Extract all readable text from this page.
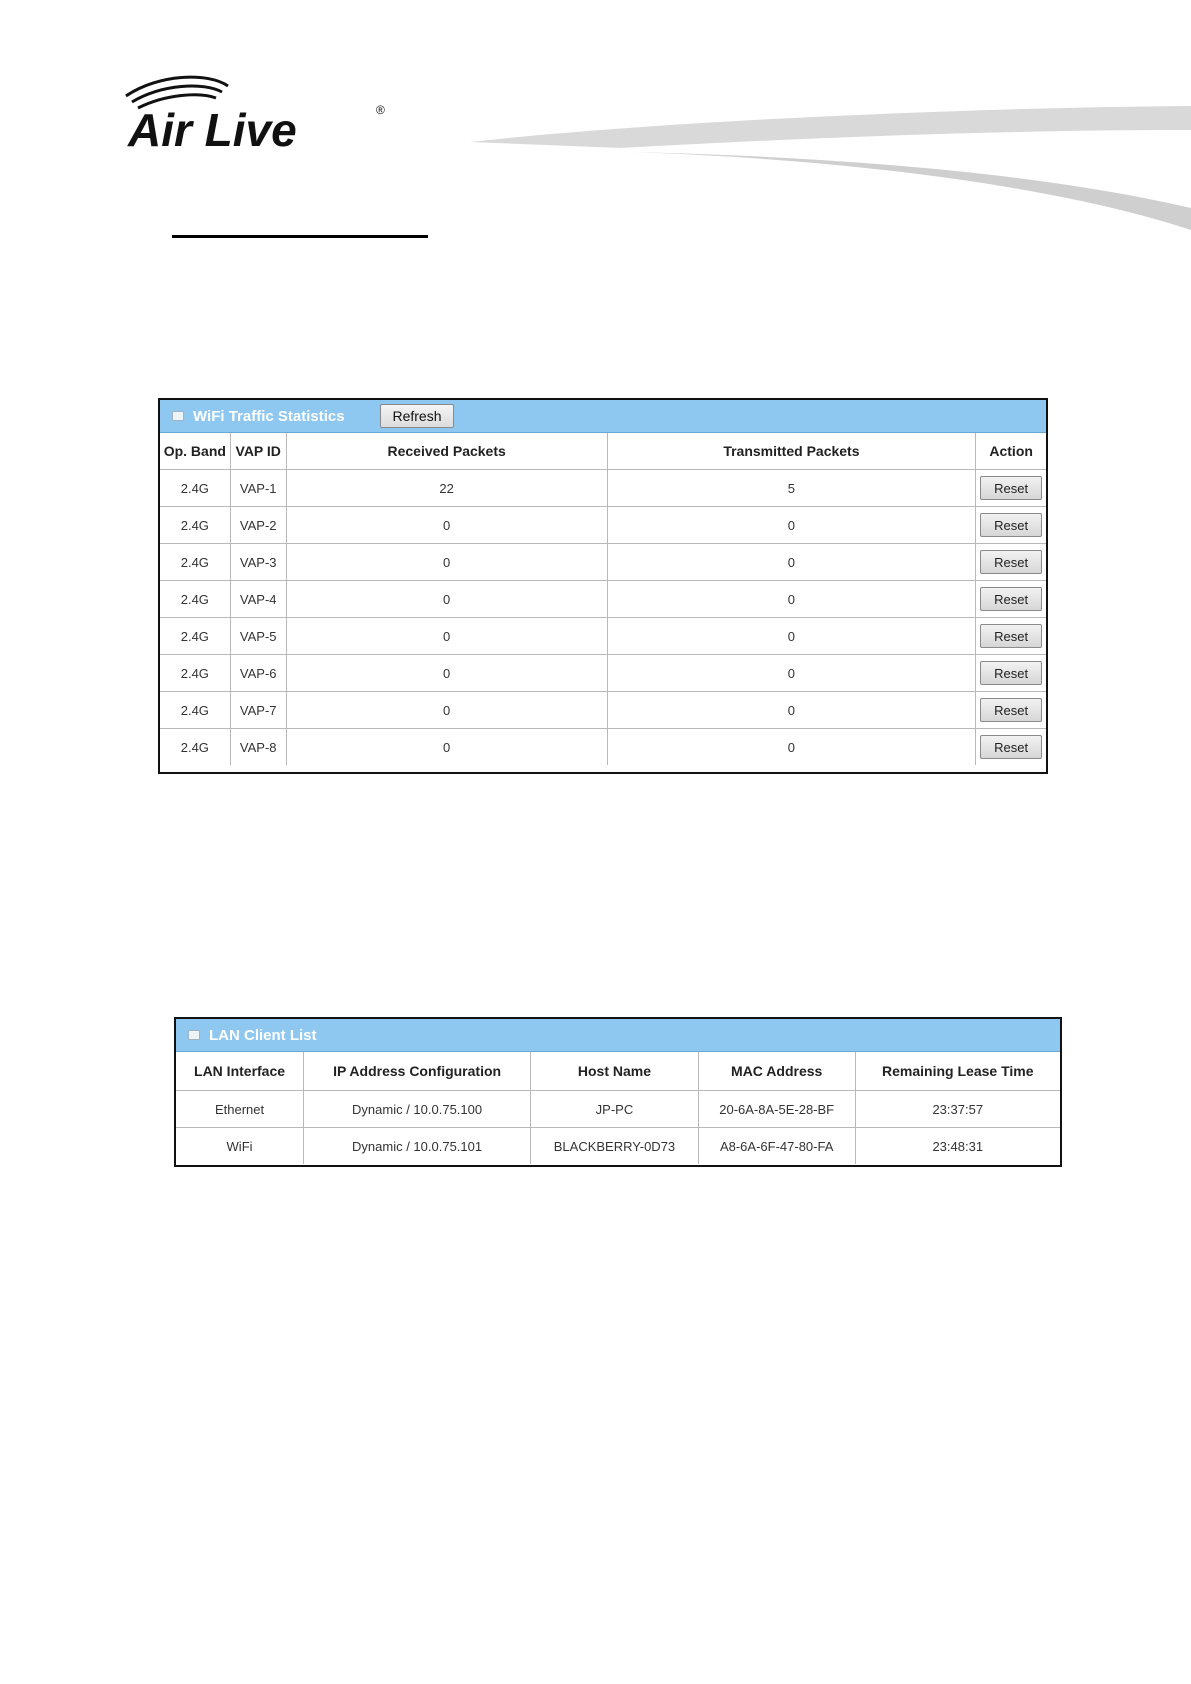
Air Live	®
WiFi Traffic Statistics	Refresh
Op. Band	VAP ID	Received Packets	Transmitted Packets	Action
2.4G	VAP-1	22	5	Reset
2.4G	VAP-2	0	0	Reset
2.4G	VAP-3	0	0	Reset
2.4G	VAP-4	0	0	Reset
2.4G	VAP-5	0	0	Reset
2.4G	VAP-6	0	0	Reset
2.4G	VAP-7	0	0	Reset
2.4G	VAP-8	0	0	Reset
LAN Client List
LAN Interface	IP Address Configuration	Host Name	MAC Address	Remaining Lease Time
Ethernet	Dynamic / 10.0.75.100	JP-PC	20-6A-8A-5E-28-BF	23:37:57
WiFi	Dynamic / 10.0.75.101	BLACKBERRY-0D73	A8-6A-6F-47-80-FA	23:48:31
